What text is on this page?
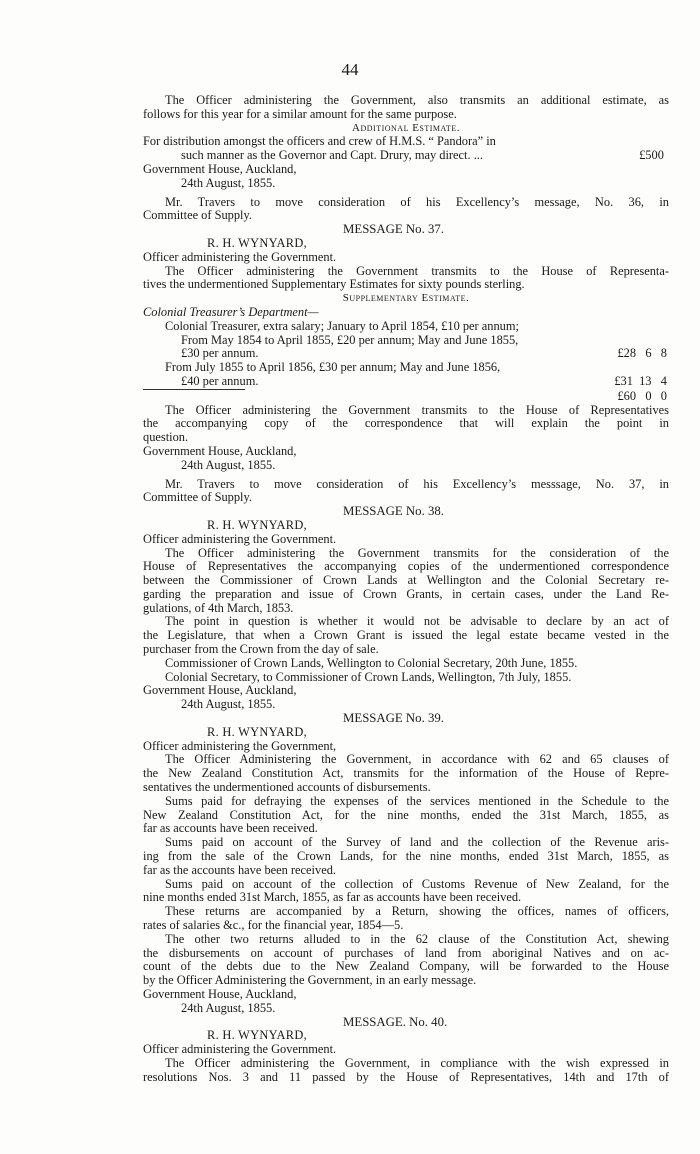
44

The Officer administering the Government, also transmits an additional estimate, as

follows for this year for a similar amount for the same purpose.

Additional Estimate.

For distribution amongst the officers and crew of H.M.S. “ Pandora” in

such manner as the Governor and Capt. Drury, may direct. ...	£500

Government House, Auckland,

24th August, 1855.

Mr. Travers to move consideration of his Excellency’s message, No. 36, in

Committee of Supply.

MESSAGE No. 37.

R. H. WYNYARD,

Officer administering the Government.

The Officer administering the Government transmits to the House of Representa-

tives the undermentioned Supplementary Estimates for sixty pounds sterling.

Supplementary Estimate.

Colonial Treasurer’s Department—

Colonial Treasurer, extra salary; January to April 1854, £10 per annum;

From May 1854 to April 1855, £20 per annum; May and June 1855,

£30 per annum.	£28   6   8

From July 1855 to April 1856, £30 per annum; May and June 1856,

£40 per annum.	£31  13   4

£60   0   0

The Officer administering the Government transmits to the House of Representatives

the accompanying copy of the correspondence that will explain the point in

question.

Government House, Auckland,

24th August, 1855.

Mr. Travers to move consideration of his Excellency’s messsage, No. 37, in

Committee of Supply.

MESSAGE No. 38.

R. H. WYNYARD,

Officer administering the Government.

The Officer administering the Government transmits for the consideration of the

House of Representatives the accompanying copies of the undermentioned correspondence

between the Commissioner of Crown Lands at Wellington and the Colonial Secretary re-

garding the preparation and issue of Crown Grants, in certain cases, under the Land Re-

gulations, of 4th March, 1853.

The point in question is whether it would not be advisable to declare by an act of

the Legislature, that when a Crown Grant is issued the legal estate became vested in the

purchaser from the Crown from the day of sale.

Commissioner of Crown Lands, Wellington to Colonial Secretary, 20th June, 1855.

Colonial Secretary, to Commissioner of Crown Lands, Wellington, 7th July, 1855.

Government House, Auckland,

24th August, 1855.

MESSAGE No. 39.

R. H. WYNYARD,

Officer administering the Government,

The Officer Administering the Government, in accordance with 62 and 65 clauses of

the New Zealand Constitution Act, transmits for the information of the House of Repre-

sentatives the undermentioned accounts of disbursements.

Sums paid for defraying the expenses of the services mentioned in the Schedule to the

New Zealand Constitution Act, for the nine months, ended the 31st March, 1855, as

far as accounts have been received.

Sums paid on account of the Survey of land and the collection of the Revenue aris-

ing from the sale of the Crown Lands, for the nine months, ended 31st March, 1855, as

far as the accounts have been received.

Sums paid on account of the collection of Customs Revenue of New Zealand, for the

nine months ended 31st March, 1855, as far as accounts have been received.

These returns are accompanied by a Return, showing the offices, names of officers,

rates of salaries &c., for the financial year, 1854—5.

The other two returns alluded to in the 62 clause of the Constitution Act, shewing

the disbursements on account of purchases of land from aboriginal Natives and on ac-

count of the debts due to the New Zealand Company, will be forwarded to the House

by the Officer Administering the Government, in an early message.

Government House, Auckland,

24th August, 1855.

MESSAGE. No. 40.

R. H. WYNYARD,

Officer administering the Government.

The Officer administering the Government, in compliance with the wish expressed in

resolutions Nos. 3 and 11 passed by the House of Representatives, 14th and 17th of
